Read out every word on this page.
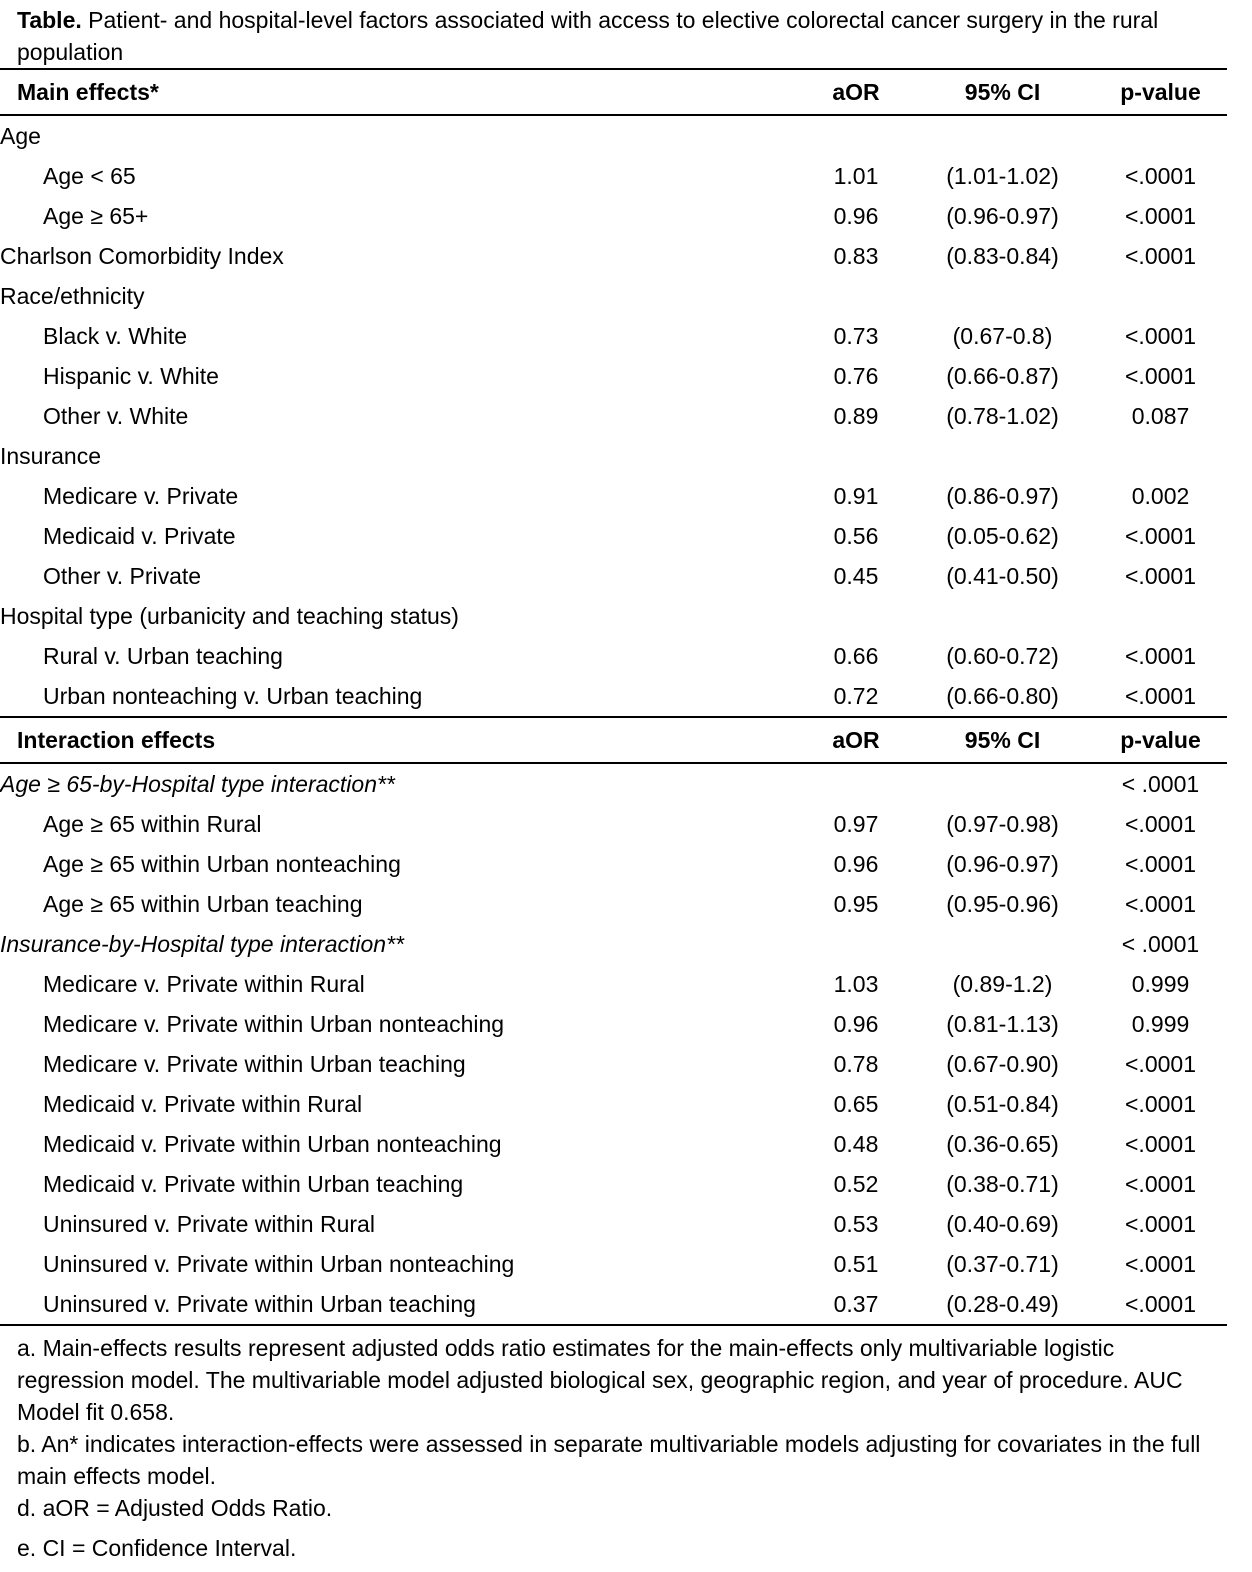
Table. Patient- and hospital-level factors associated with access to elective colorectal cancer surgery in the rural population
Main effects*	aOR	95% CI	p-value
Age			
Age < 65	1.01	(1.01-1.02)	<.0001
Age ≥ 65+	0.96	(0.96-0.97)	<.0001
Charlson Comorbidity Index	0.83	(0.83-0.84)	<.0001
Race/ethnicity			
Black v. White	0.73	(0.67-0.8)	<.0001
Hispanic v. White	0.76	(0.66-0.87)	<.0001
Other v. White	0.89	(0.78-1.02)	0.087
Insurance			
Medicare v. Private	0.91	(0.86-0.97)	0.002
Medicaid v. Private	0.56	(0.05-0.62)	<.0001
Other v. Private	0.45	(0.41-0.50)	<.0001
Hospital type (urbanicity and teaching status)			
Rural v. Urban teaching	0.66	(0.60-0.72)	<.0001
Urban nonteaching v. Urban teaching	0.72	(0.66-0.80)	<.0001
Interaction effects	aOR	95% CI	p-value
Age ≥ 65-by-Hospital type interaction**			< .0001
Age ≥ 65 within Rural	0.97	(0.97-0.98)	<.0001
Age ≥ 65 within Urban nonteaching	0.96	(0.96-0.97)	<.0001
Age ≥ 65 within Urban teaching	0.95	(0.95-0.96)	<.0001
Insurance-by-Hospital type interaction**			< .0001
Medicare v. Private within Rural	1.03	(0.89-1.2)	0.999
Medicare v. Private within Urban nonteaching	0.96	(0.81-1.13)	0.999
Medicare v. Private within Urban teaching	0.78	(0.67-0.90)	<.0001
Medicaid v. Private within Rural	0.65	(0.51-0.84)	<.0001
Medicaid v. Private within Urban nonteaching	0.48	(0.36-0.65)	<.0001
Medicaid v. Private within Urban teaching	0.52	(0.38-0.71)	<.0001
Uninsured v. Private within Rural	0.53	(0.40-0.69)	<.0001
Uninsured v. Private within Urban nonteaching	0.51	(0.37-0.71)	<.0001
Uninsured v. Private within Urban teaching	0.37	(0.28-0.49)	<.0001

a. Main-effects results represent adjusted odds ratio estimates for the main-effects only multivariable logistic regression model. The multivariable model adjusted biological sex, geographic region, and year of procedure. AUC Model fit 0.658.

b. An* indicates interaction-effects were assessed in separate multivariable models adjusting for covariates in the full main effects model.

d. aOR = Adjusted Odds Ratio.

e. CI = Confidence Interval.
